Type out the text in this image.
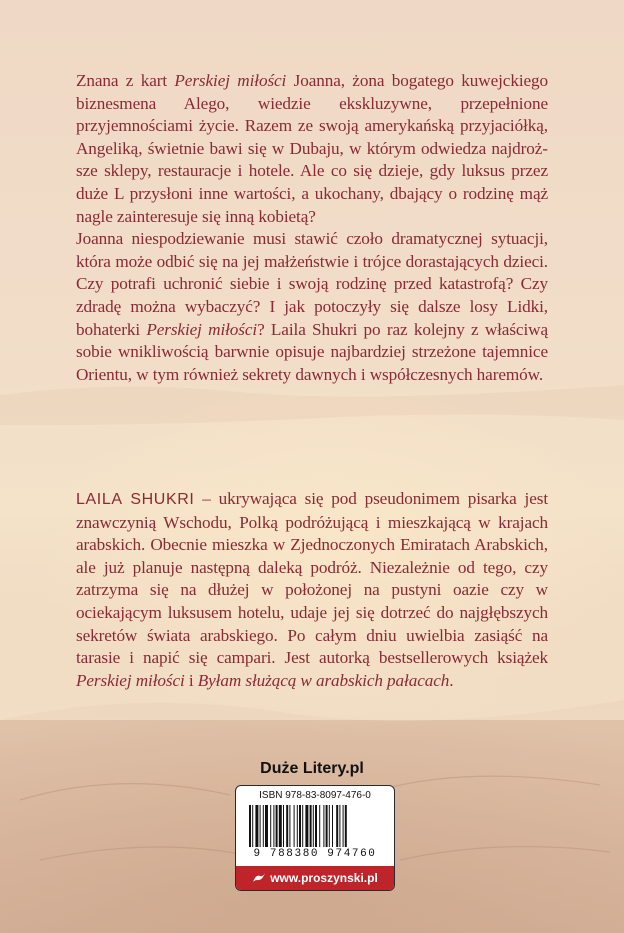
Znana z kart Perskiej miłości Joanna, żona bogatego kuwejckiego biznesmena Alego, wiedzie ekskluzywne, przepełnione przyjemnościami życie. Razem ze swoją amerykańską przyjaciółką, Angeliką, świetnie bawi się w Dubaju, w którym odwiedza najdroższe sklepy, restauracje i hotele. Ale co się dzieje, gdy luksus przez duże L przysłoni inne wartości, a ukochany, dbający o rodzinę mąż nagle zainteresuje się inną kobietą?

Joanna niespodziewanie musi stawić czoło dramatycznej sytuacji, która może odbić się na jej małżeństwie i trójce dorastających dzieci. Czy potrafi uchronić siebie i swoją rodzinę przed katastrofą? Czy zdradę można wybaczyć? I jak potoczyły się dalsze losy Lidki, bohaterki Perskiej miłości? Laila Shukri po raz kolejny z właściwą sobie wnikliwością barwnie opisuje najbardziej strzeżone tajemnice Orientu, w tym również sekrety dawnych i współczesnych haremów.

LAILA SHUKRI – ukrywająca się pod pseudonimem pisarka jest znawczynią Wschodu, Polką podróżującą i mieszkającą w krajach arabskich. Obecnie mieszka w Zjednoczonych Emiratach Arabskich, ale już planuje następną daleką podróż. Niezależnie od tego, czy zatrzyma się na dłużej w położonej na pustyni oazie czy w ociekającym luksusem hotelu, udaje jej się dotrzeć do najgłębszych sekretów świata arabskiego. Po całym dniu uwielbia zasiąść na tarasie i napić się campari. Jest autorką bestsellerowych książek Perskiej miłości i Byłam służącą w arabskich pałacach.

Duże Litery.pl
ISBN 978-83-8097-476-0
9 788380 974760
www.proszynski.pl
